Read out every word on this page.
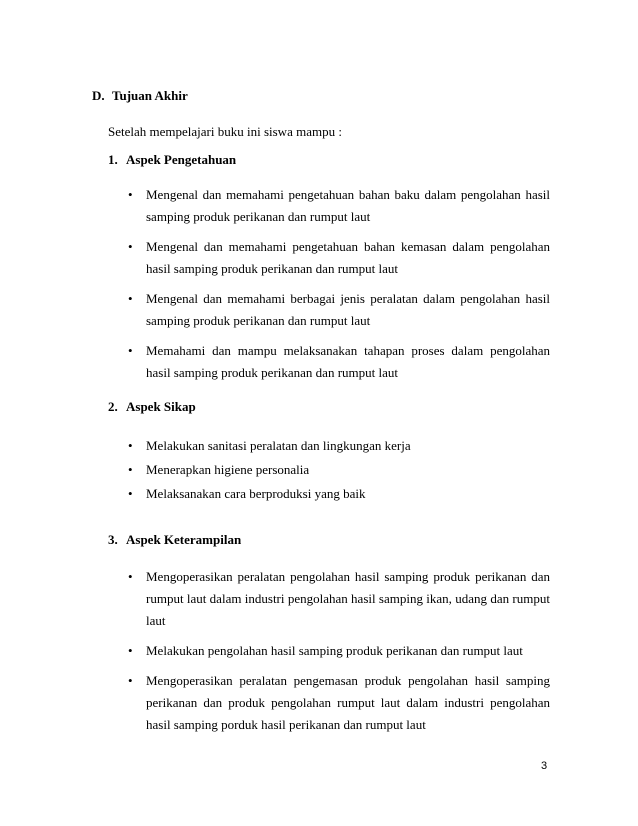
D. Tujuan Akhir
Setelah mempelajari buku ini siswa mampu :
1. Aspek Pengetahuan
• Mengenal dan memahami pengetahuan bahan baku dalam pengolahan hasil samping produk perikanan dan rumput laut
• Mengenal dan memahami pengetahuan bahan kemasan dalam pengolahan hasil samping produk perikanan dan rumput laut
• Mengenal dan memahami berbagai jenis peralatan dalam pengolahan hasil samping produk perikanan dan rumput laut
• Memahami dan mampu melaksanakan tahapan proses dalam pengolahan hasil samping produk perikanan dan rumput laut
2. Aspek Sikap
• Melakukan sanitasi peralatan dan lingkungan kerja
• Menerapkan higiene personalia
• Melaksanakan cara berproduksi yang baik
3. Aspek Keterampilan
• Mengoperasikan peralatan pengolahan hasil samping produk perikanan dan rumput laut dalam industri pengolahan hasil samping ikan, udang dan rumput laut
• Melakukan pengolahan hasil samping produk perikanan dan rumput laut
• Mengoperasikan peralatan pengemasan produk pengolahan hasil samping perikanan dan produk pengolahan rumput laut dalam industri pengolahan hasil samping porduk hasil perikanan dan rumput laut
3
